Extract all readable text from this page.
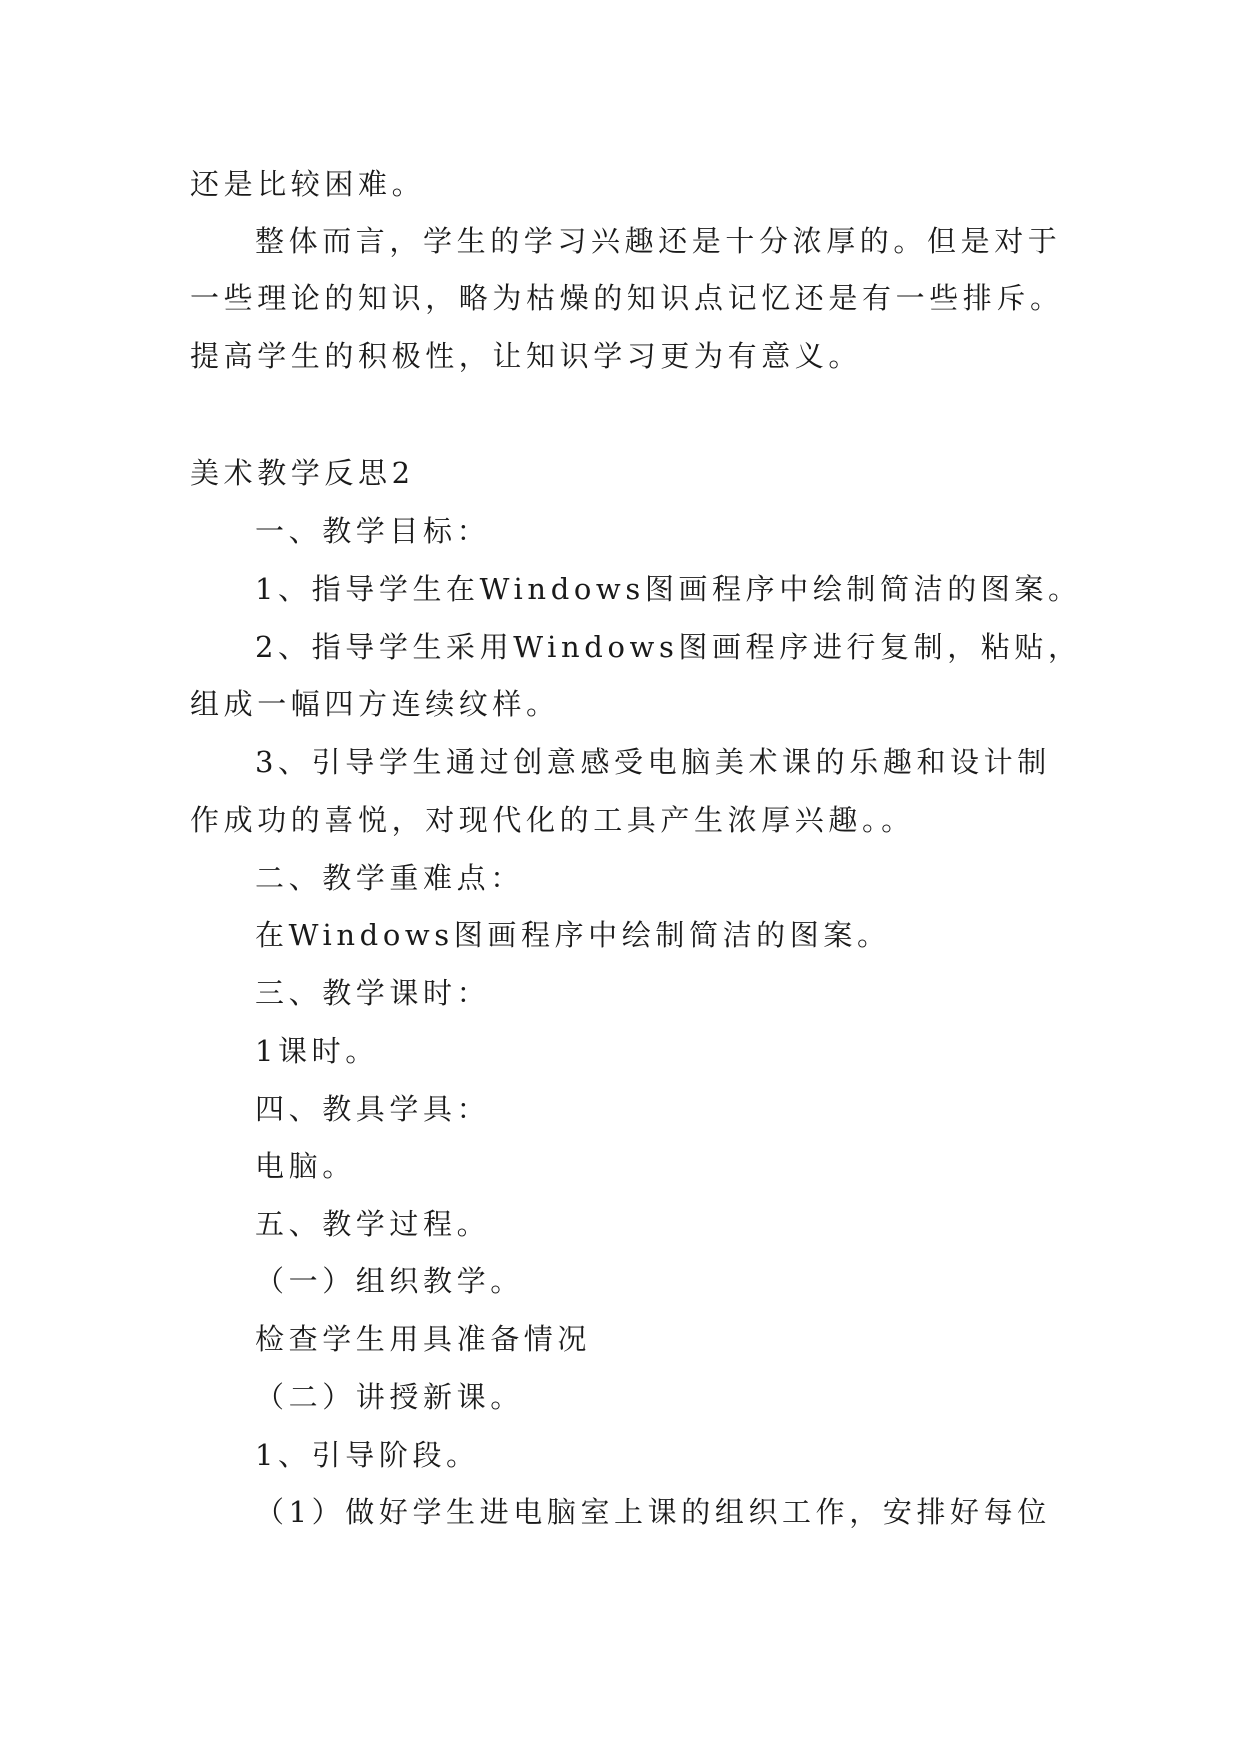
还是比较困难。
整体而言，学生的学习兴趣还是十分浓厚的。但是对于
一些理论的知识，略为枯燥的知识点记忆还是有一些排斥。
提高学生的积极性，让知识学习更为有意义。
美术教学反思2
一、教学目标：
1、指导学生在Windows图画程序中绘制简洁的图案。
2、指导学生采用Windows图画程序进行复制，粘贴，
组成一幅四方连续纹样。
3、引导学生通过创意感受电脑美术课的乐趣和设计制
作成功的喜悦，对现代化的工具产生浓厚兴趣。。
二、教学重难点：
在Windows图画程序中绘制简洁的图案。
三、教学课时：
1课时。
四、教具学具：
电脑。
五、教学过程。
（一）组织教学。
检查学生用具准备情况
（二）讲授新课。
1、引导阶段。
（1）做好学生进电脑室上课的组织工作，安排好每位
